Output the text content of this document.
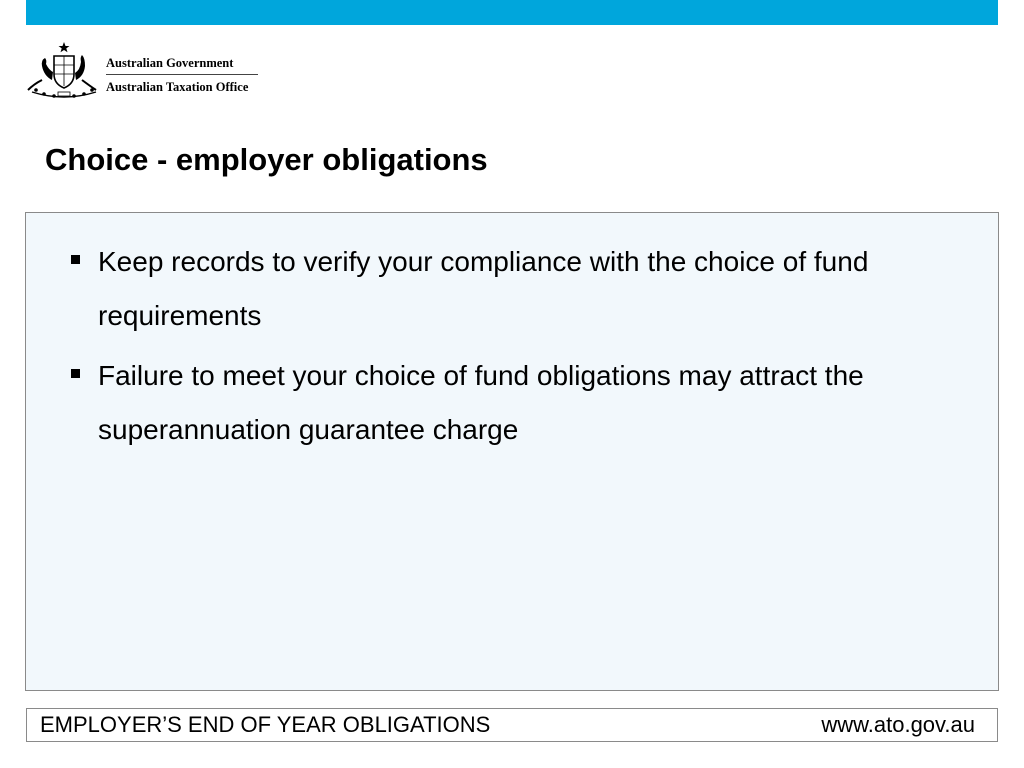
Australian Government
Australian Taxation Office
Choice - employer obligations
Keep records to verify your compliance with the choice of fund requirements
Failure to meet your choice of fund obligations may attract the superannuation guarantee charge
EMPLOYER’S END OF YEAR OBLIGATIONS	www.ato.gov.au
